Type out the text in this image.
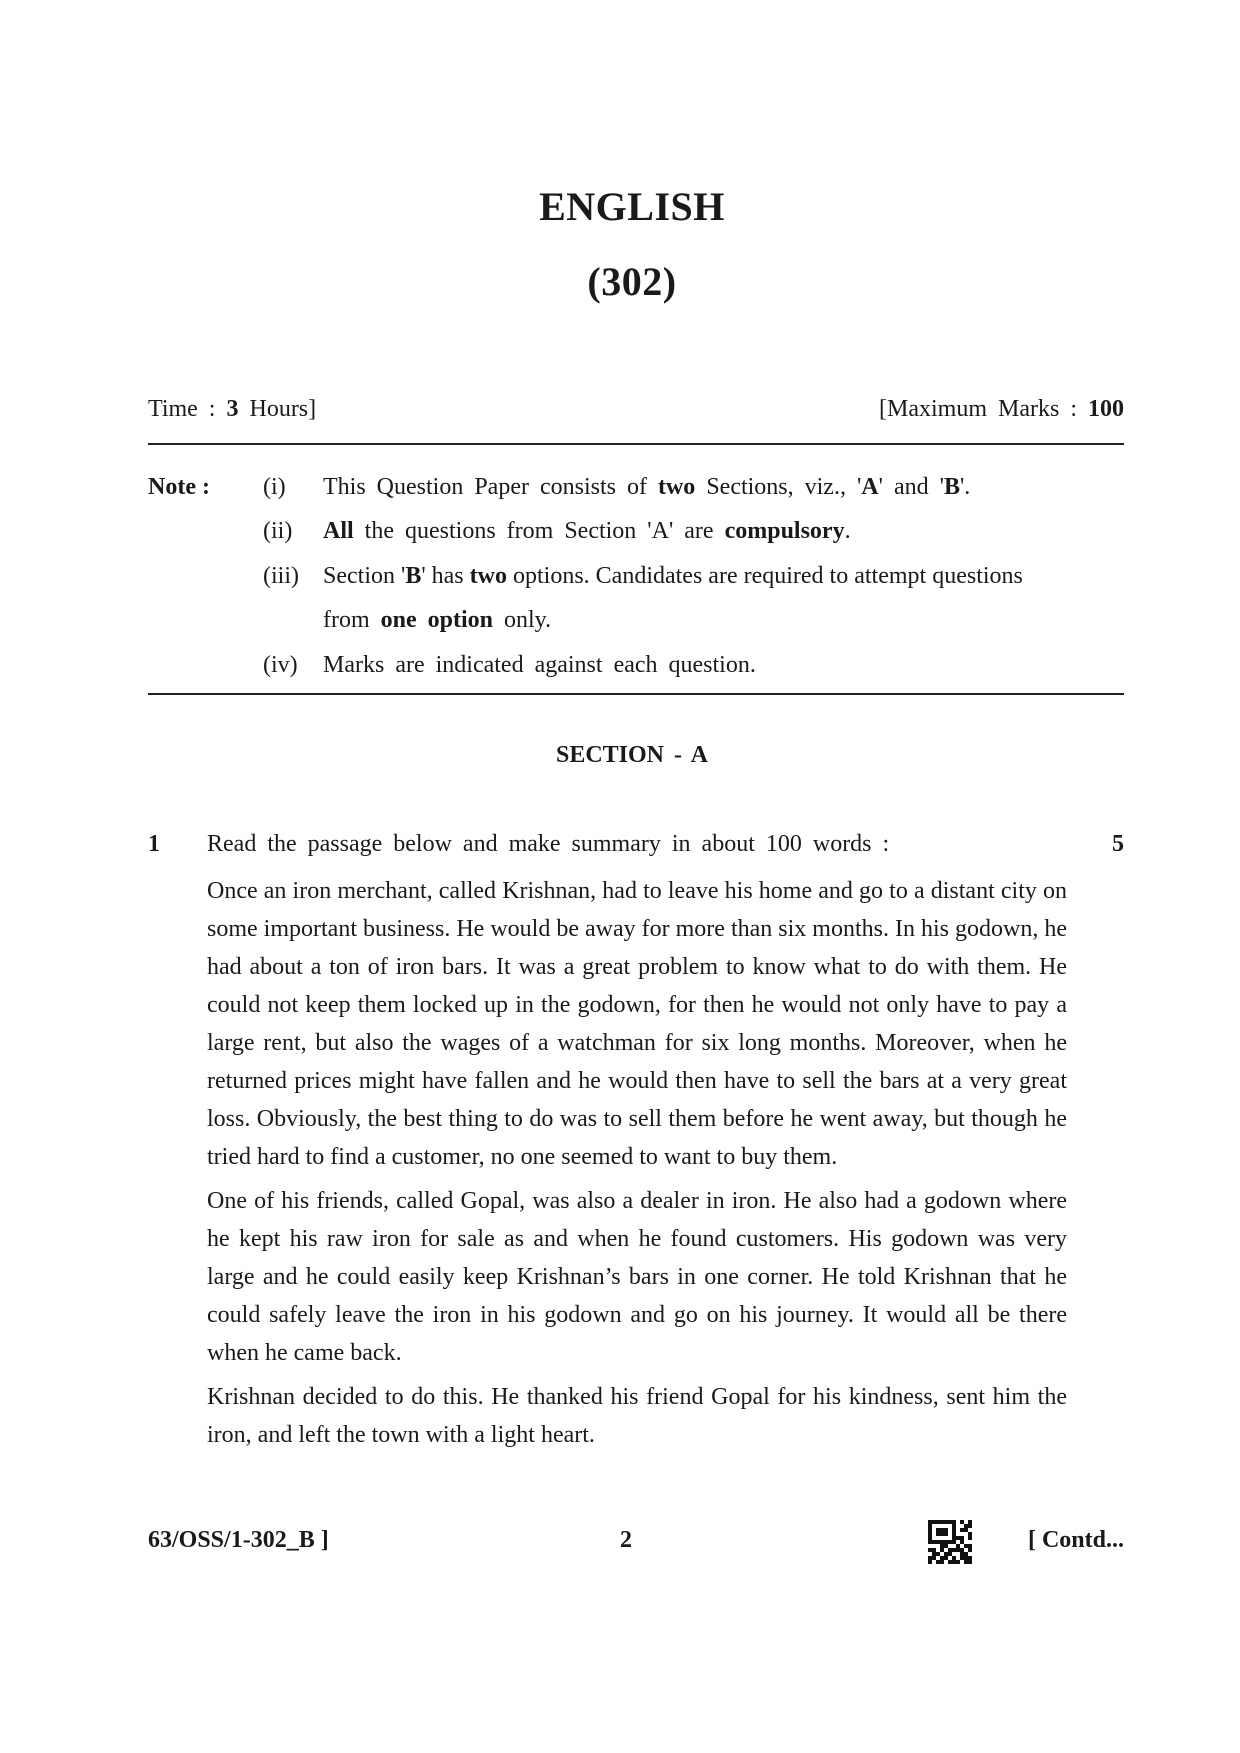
ENGLISH
(302)
Time : 3 Hours]	[Maximum Marks : 100
Note : (i) This Question Paper consists of two Sections, viz., 'A' and 'B'.
(ii) All the questions from Section 'A' are compulsory.
(iii) Section 'B' has two options. Candidates are required to attempt questions
from one option only.
(iv) Marks are indicated against each question.
SECTION - A
1 Read the passage below and make summary in about 100 words :	5

Once an iron merchant, called Krishnan, had to leave his home and go to a distant city on some important business. He would be away for more than six months. In his godown, he had about a ton of iron bars. It was a great problem to know what to do with them. He could not keep them locked up in the godown, for then he would not only have to pay a large rent, but also the wages of a watchman for six long months. Moreover, when he returned prices might have fallen and he would then have to sell the bars at a very great loss. Obviously, the best thing to do was to sell them before he went away, but though he tried hard to find a customer, no one seemed to want to buy them.

One of his friends, called Gopal, was also a dealer in iron. He also had a godown where he kept his raw iron for sale as and when he found customers. His godown was very large and he could easily keep Krishnan’s bars in one corner. He told Krishnan that he could safely leave the iron in his godown and go on his journey. It would all be there when he came back.

Krishnan decided to do this. He thanked his friend Gopal for his kindness, sent him the iron, and left the town with a light heart.

63/OSS/1-302_B ]	2	[ Contd...
